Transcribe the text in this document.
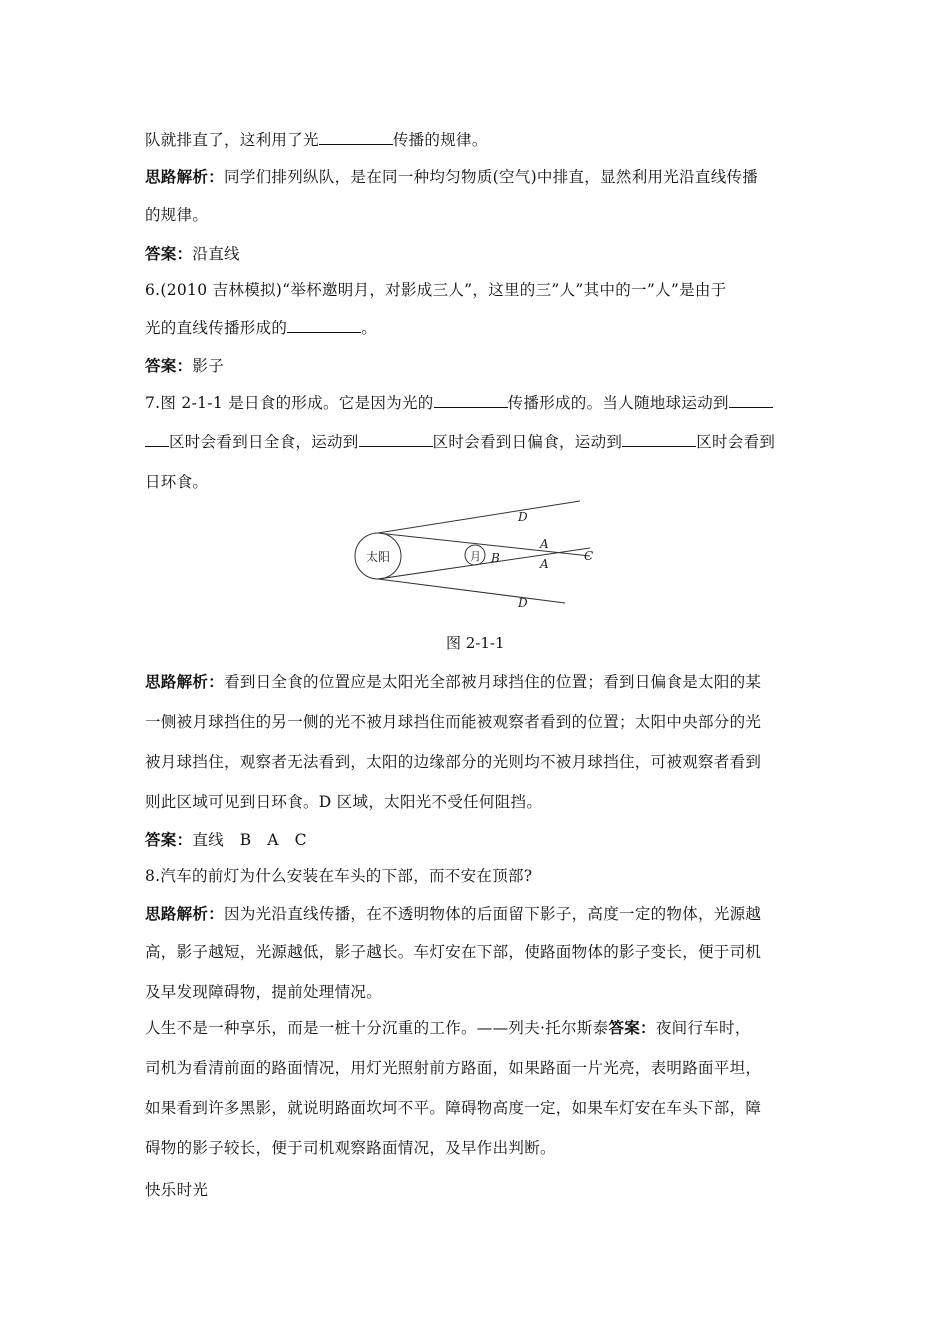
队就排直了，这利用了光	传播的规律。
思路解析：同学们排列纵队，是在同一种均匀物质(空气)中排直，显然利用光沿直线传播
的规律。
答案：沿直线
6.(2010 吉林模拟)“举杯邀明月，对影成三人”，这里的三”人”其中的一”人”是由于
光的直线传播形成的	。
答案：影子
7.图 2-1-1 是日食的形成。它是因为光的	传播形成的。当人随地球运动到
区时会看到日全食，运动到	区时会看到日偏食，运动到	区时会看到
日环食。
思路解析：看到日全食的位置应是太阳光全部被月球挡住的位置；看到日偏食是太阳的某
一侧被月球挡住的另一侧的光不被月球挡住而能被观察者看到的位置；太阳中央部分的光
被月球挡住，观察者无法看到，太阳的边缘部分的光则均不被月球挡住，可被观察者看到
则此区域可见到日环食。D 区域，太阳光不受任何阻挡。
答案：直线　B　A　C
8.汽车的前灯为什么安装在车头的下部，而不安在顶部?
思路解析：因为光沿直线传播，在不透明物体的后面留下影子，高度一定的物体，光源越
高，影子越短，光源越低，影子越长。车灯安在下部，使路面物体的影子变长，便于司机
及早发现障碍物，提前处理情况。
人生不是一种享乐，而是一桩十分沉重的工作。——列夫·托尔斯泰答案：夜间行车时，
司机为看清前面的路面情况，用灯光照射前方路面，如果路面一片光亮，表明路面平坦，
如果看到许多黑影，就说明路面坎坷不平。障碍物高度一定，如果车灯安在车头下部，障
碍物的影子较长，便于司机观察路面情况，及早作出判断。
快乐时光
太阳	月
D
D
B
A
A
C
图 2-1-1
